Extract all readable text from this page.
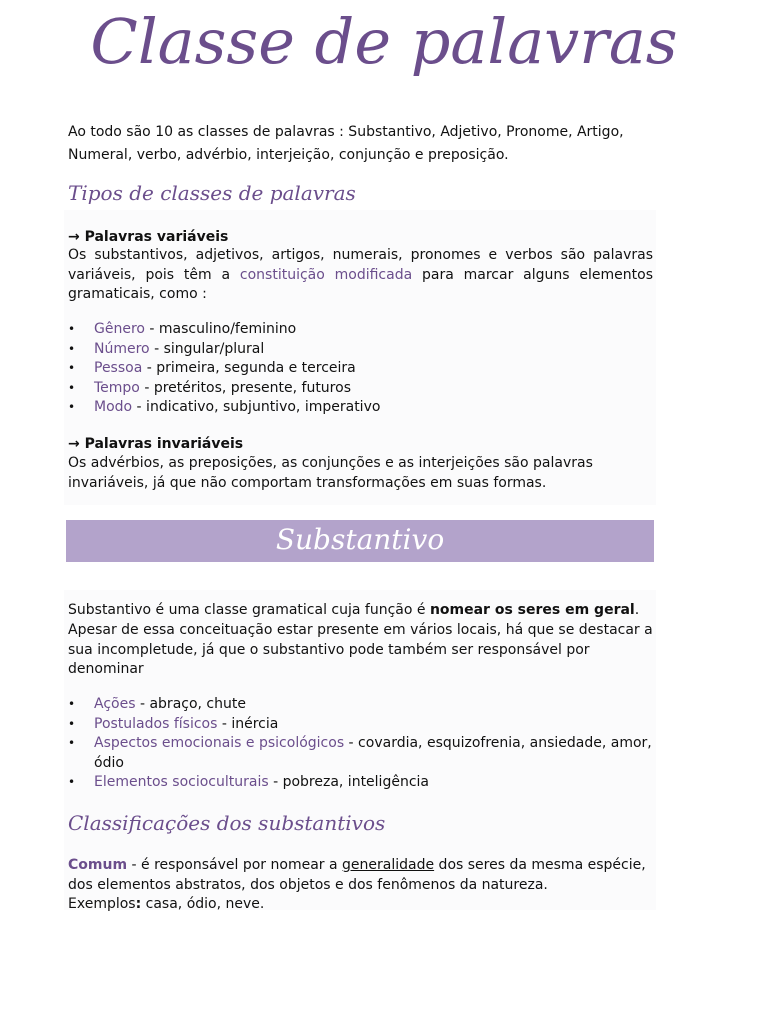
Classe de palavras

Ao todo são 10 as classes de palavras : Substantivo, Adjetivo, Pronome, Artigo, Numeral, verbo, advérbio, interjeição, conjunção e preposição.

Tipos de classes de palavras
→ Palavras variáveis

Os substantivos, adjetivos, artigos, numerais, pronomes e verbos são palavras variáveis, pois têm a constituição modificada para marcar alguns elementos gramaticais, como :

• Gênero - masculino/feminino
• Número - singular/plural
• Pessoa - primeira, segunda e terceira
• Tempo - pretéritos, presente, futuros
• Modo - indicativo, subjuntivo, imperativo
→ Palavras invariáveis

Os advérbios, as preposições, as conjunções e as interjeições são palavras invariáveis, já que não comportam transformações em suas formas.

Substantivo

Substantivo é uma classe gramatical cuja função é nomear os seres em geral.

Apesar de essa conceituação estar presente em vários locais, há que se destacar a sua incompletude, já que o substantivo pode também ser responsável por denominar

• Ações - abraço, chute
• Postulados físicos - inércia
• Aspectos emocionais e psicológicos - covardia, esquizofrenia, ansiedade, amor, ódio
• Elementos socioculturais - pobreza, inteligência
Classificações dos substantivos

Comum - é responsável por nomear a generalidade dos seres da mesma espécie, dos elementos abstratos, dos objetos e dos fenômenos da natureza.

Exemplos: casa, ódio, neve.
